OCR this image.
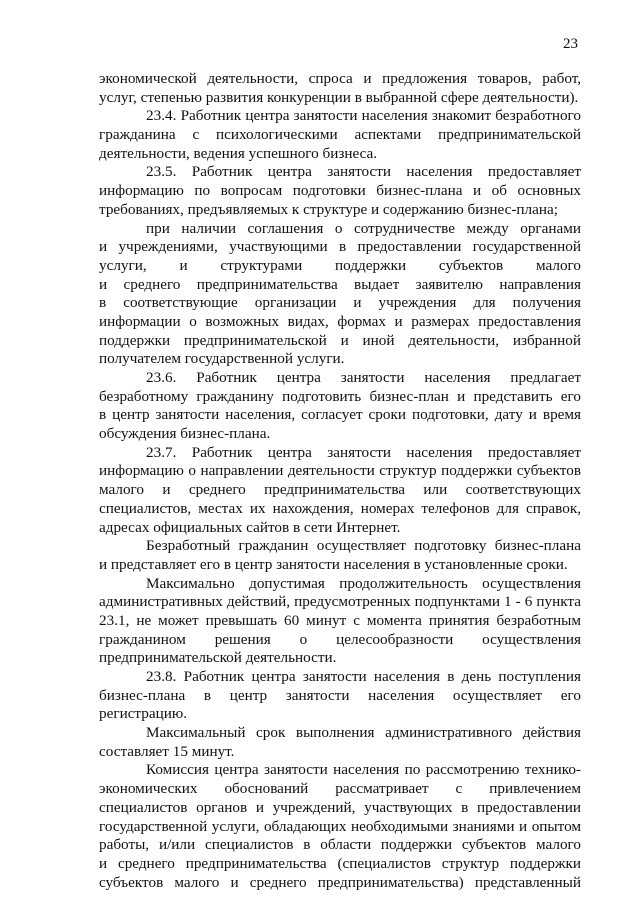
23
экономической деятельности, спроса и предложения товаров, работ,
услуг, степенью развития конкуренции в выбранной сфере деятельности).
23.4. Работник центра занятости населения знакомит безработного
гражданина с психологическими аспектами предпринимательской
деятельности, ведения успешного бизнеса.
23.5. Работник центра занятости населения предоставляет
информацию по вопросам подготовки бизнес-плана и об основных
требованиях, предъявляемых к структуре и содержанию бизнес-плана;
при наличии соглашения о сотрудничестве между органами
и учреждениями, участвующими в предоставлении государственной
услуги, и структурами поддержки субъектов малого
и среднего предпринимательства выдает заявителю направления
в соответствующие организации и учреждения для получения
информации о возможных видах, формах и размерах предоставления
поддержки предпринимательской и иной деятельности, избранной
получателем государственной услуги.
23.6. Работник центра занятости населения предлагает
безработному гражданину подготовить бизнес-план и представить его
в центр занятости населения, согласует сроки подготовки, дату и время
обсуждения бизнес-плана.
23.7. Работник центра занятости населения предоставляет
информацию о направлении деятельности структур поддержки субъектов
малого и среднего предпринимательства или соответствующих
специалистов, местах их нахождения, номерах телефонов для справок,
адресах официальных сайтов в сети Интернет.
Безработный гражданин осуществляет подготовку бизнес-плана
и представляет его в центр занятости населения в установленные сроки.
Максимально допустимая продолжительность осуществления
административных действий, предусмотренных подпунктами 1 - 6 пункта
23.1, не может превышать 60 минут с момента принятия безработным
гражданином решения о целесообразности осуществления
предпринимательской деятельности.
23.8. Работник центра занятости населения в день поступления
бизнес-плана в центр занятости населения осуществляет его
регистрацию.
Максимальный срок выполнения административного действия
составляет 15 минут.
Комиссия центра занятости населения по рассмотрению технико-
экономических обоснований рассматривает с привлечением
специалистов органов и учреждений, участвующих в предоставлении
государственной услуги, обладающих необходимыми знаниями и опытом
работы, и/или специалистов в области поддержки субъектов малого
и среднего предпринимательства (специалистов структур поддержки
субъектов малого и среднего предпринимательства) представленный
